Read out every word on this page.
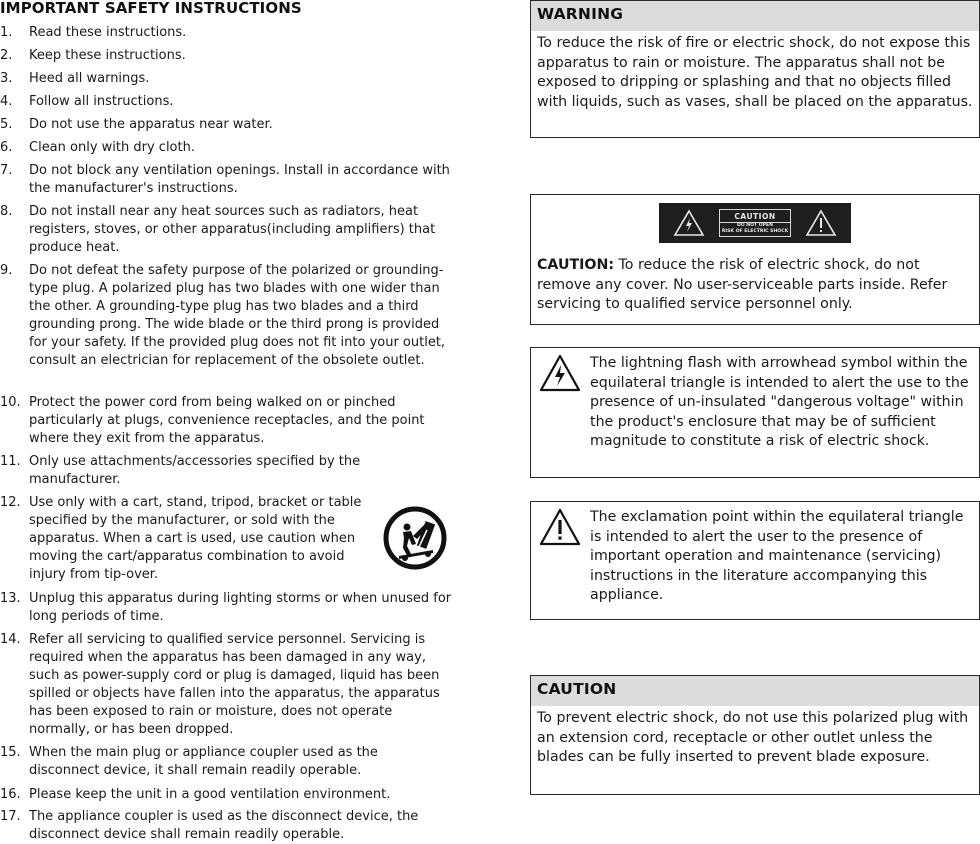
IMPORTANT SAFETY INSTRUCTIONS
1.	Read these instructions.
2.	Keep these instructions.
3.	Heed all warnings.
4.	Follow all instructions.
5.	Do not use the apparatus near water.
6.	Clean only with dry cloth.
7.	Do not block any ventilation openings. Install in accordance with the manufacturer's instructions.
8.	Do not install near any heat sources such as radiators, heat registers, stoves, or other apparatus(including amplifiers) that produce heat.
9.	Do not defeat the safety purpose of the polarized or grounding-type plug. A polarized plug has two blades with one wider than the other. A grounding-type plug has two blades and a third grounding prong. The wide blade or the third prong is provided for your safety. If the provided plug does not fit into your outlet, consult an electrician for replacement of the obsolete outlet.
10. Protect the power cord from being walked on or pinched particularly at plugs, convenience receptacles, and the point where they exit from the apparatus.
11. Only use attachments/accessories specified by the manufacturer.
12. Use only with a cart, stand, tripod, bracket or table specified by the manufacturer, or sold with the apparatus. When a cart is used, use caution when moving the cart/apparatus combination to avoid injury from tip-over.
13. Unplug this apparatus during lighting storms or when unused for long periods of time.
14. Refer all servicing to qualified service personnel. Servicing is required when the apparatus has been damaged in any way, such as power-supply cord or plug is damaged, liquid has been spilled or objects have fallen into the apparatus, the apparatus has been exposed to rain or moisture, does not operate normally, or has been dropped.
15. When the main plug or appliance coupler used as the disconnect device, it shall remain readily operable.
16. Please keep the unit in a good ventilation environment.
17. The appliance coupler is used as the disconnect device, the disconnect device shall remain readily operable.
WARNING
To reduce the risk of fire or electric shock, do not expose this apparatus to rain or moisture. The apparatus shall not be exposed to dripping or splashing and that no objects filled with liquids, such as vases, shall be placed on the apparatus.
CAUTION
DO NOT OPEN
RISK OF ELECTRIC SHOCK
CAUTION: To reduce the risk of electric shock, do not remove any cover. No user-serviceable parts inside. Refer servicing to qualified service personnel only.
The lightning flash with arrowhead symbol within the equilateral triangle is intended to alert the use to the presence of un-insulated "dangerous voltage" within the product's enclosure that may be of sufficient magnitude to constitute a risk of electric shock.
The exclamation point within the equilateral triangle is intended to alert the user to the presence of important operation and maintenance (servicing) instructions in the literature accompanying this appliance.
CAUTION
To prevent electric shock, do not use this polarized plug with an extension cord, receptacle or other outlet unless the blades can be fully inserted to prevent blade exposure.
